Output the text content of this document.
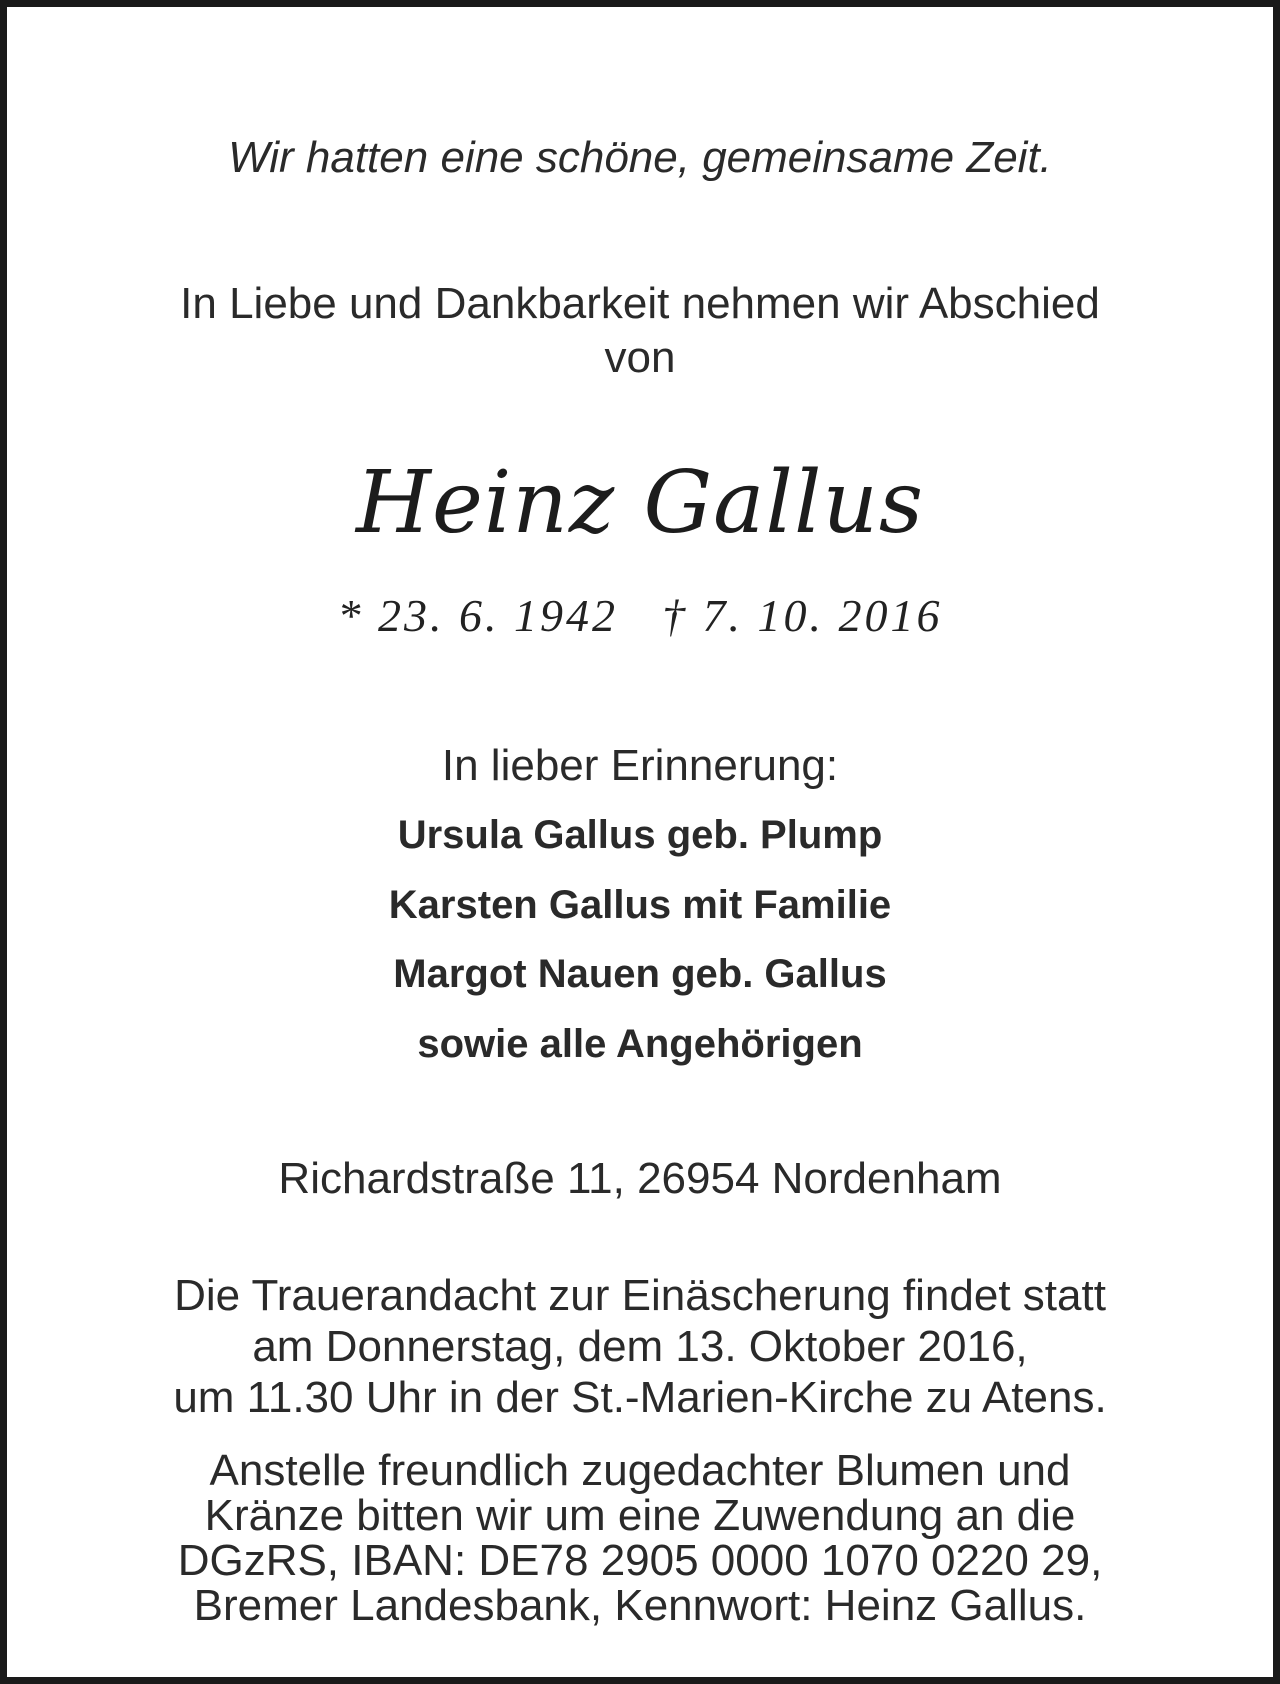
Wir hatten eine schöne, gemeinsame Zeit.
In Liebe und Dankbarkeit nehmen wir Abschied
von
Heinz Gallus
* 23. 6. 1942 † 7. 10. 2016
In lieber Erinnerung:
Ursula Gallus geb. Plump
Karsten Gallus mit Familie
Margot Nauen geb. Gallus
sowie alle Angehörigen
Richardstraße 11, 26954 Nordenham
Die Trauerandacht zur Einäscherung findet statt
am Donnerstag, dem 13. Oktober 2016,
um 11.30 Uhr in der St.-Marien-Kirche zu Atens.
Anstelle freundlich zugedachter Blumen und
Kränze bitten wir um eine Zuwendung an die
DGzRS, IBAN: DE78 2905 0000 1070 0220 29,
Bremer Landesbank, Kennwort: Heinz Gallus.
